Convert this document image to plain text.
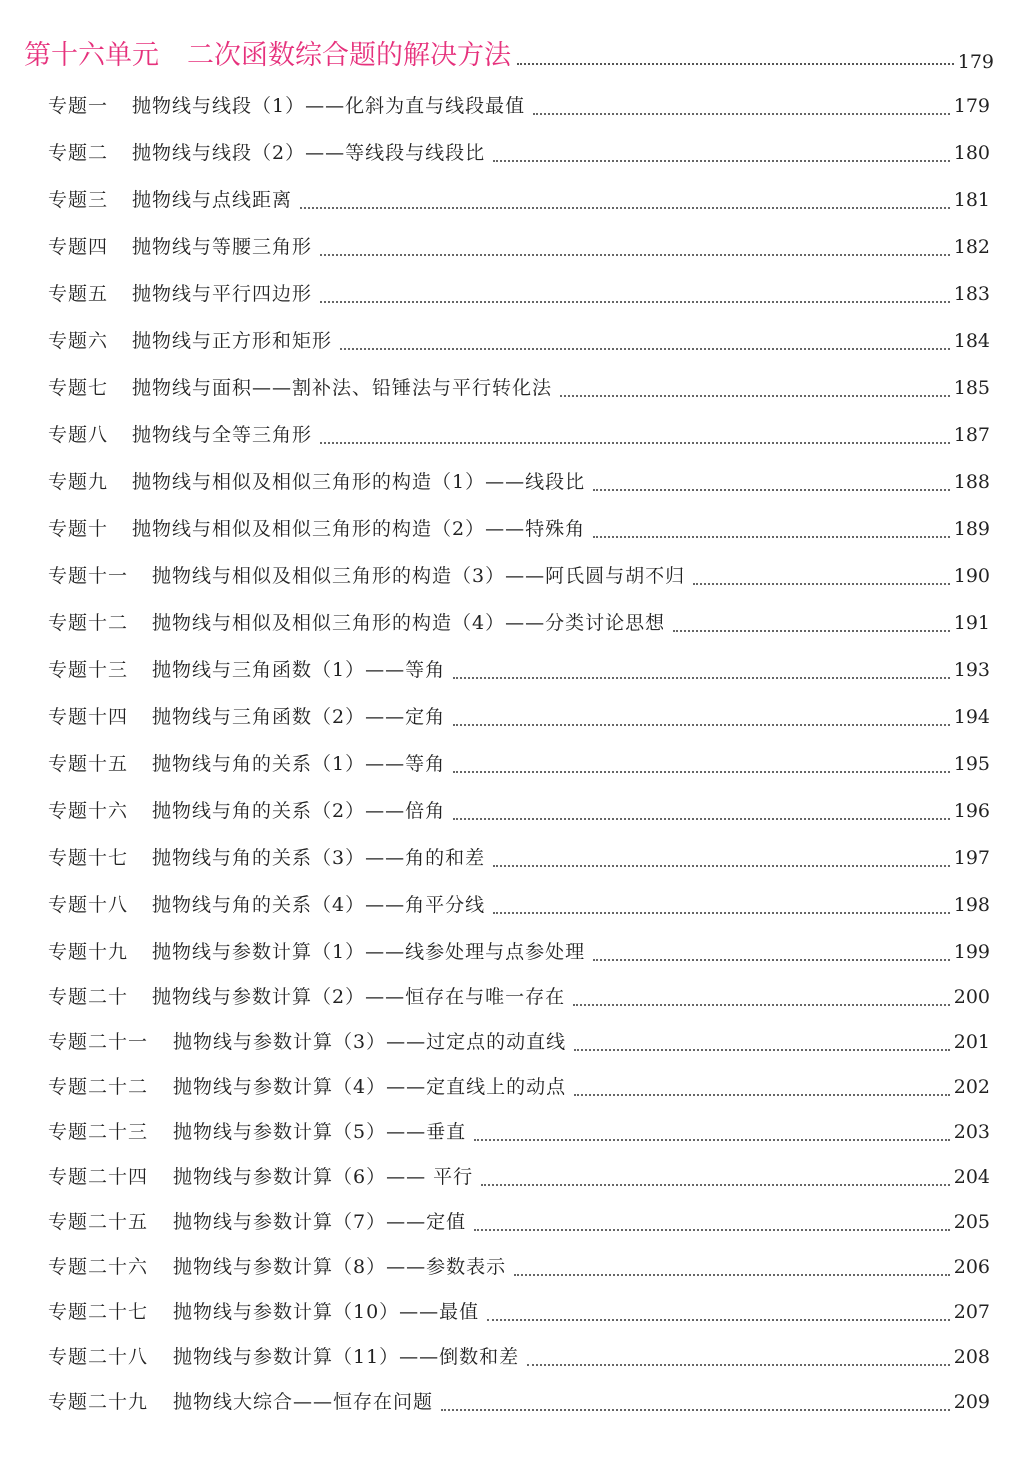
第十六单元 二次函数综合题的解决方法	179
专题一	抛物线与线段（1）——化斜为直与线段最值	179
专题二	抛物线与线段（2）——等线段与线段比	180
专题三	抛物线与点线距离	181
专题四	抛物线与等腰三角形	182
专题五	抛物线与平行四边形	183
专题六	抛物线与正方形和矩形	184
专题七	抛物线与面积——割补法、铅锤法与平行转化法	185
专题八	抛物线与全等三角形	187
专题九	抛物线与相似及相似三角形的构造（1）——线段比	188
专题十	抛物线与相似及相似三角形的构造（2）——特殊角	189
专题十一	抛物线与相似及相似三角形的构造（3）——阿氏圆与胡不归	190
专题十二	抛物线与相似及相似三角形的构造（4）——分类讨论思想	191
专题十三	抛物线与三角函数（1）——等角	193
专题十四	抛物线与三角函数（2）——定角	194
专题十五	抛物线与角的关系（1）——等角	195
专题十六	抛物线与角的关系（2）——倍角	196
专题十七	抛物线与角的关系（3）——角的和差	197
专题十八	抛物线与角的关系（4）——角平分线	198
专题十九	抛物线与参数计算（1）——线参处理与点参处理	199
专题二十	抛物线与参数计算（2）——恒存在与唯一存在	200
专题二十一	抛物线与参数计算（3）——过定点的动直线	201
专题二十二	抛物线与参数计算（4）——定直线上的动点	202
专题二十三	抛物线与参数计算（5）——垂直	203
专题二十四	抛物线与参数计算（6）—— 平行	204
专题二十五	抛物线与参数计算（7）——定值	205
专题二十六	抛物线与参数计算（8）——参数表示	206
专题二十七	抛物线与参数计算（10）——最值	207
专题二十八	抛物线与参数计算（11）——倒数和差	208
专题二十九	抛物线大综合——恒存在问题	209
